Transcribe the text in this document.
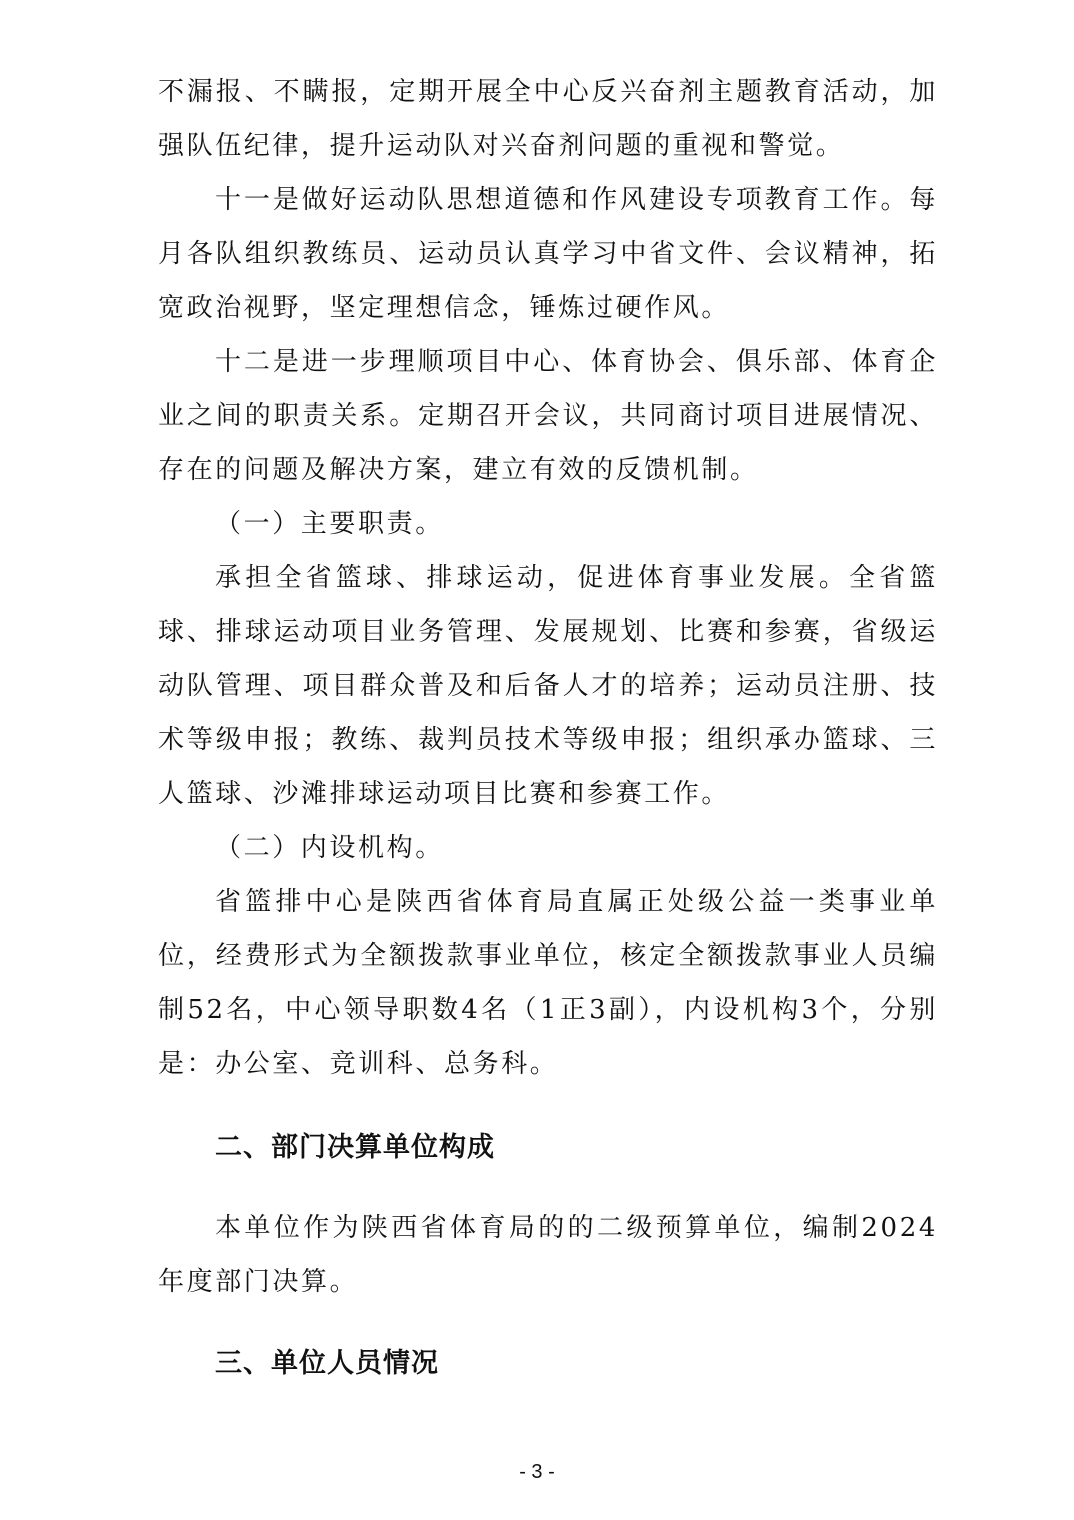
不漏报、不瞒报，定期开展全中心反兴奋剂主题教育活动，加强队伍纪律，提升运动队对兴奋剂问题的重视和警觉。

十一是做好运动队思想道德和作风建设专项教育工作。每月各队组织教练员、运动员认真学习中省文件、会议精神，拓宽政治视野，坚定理想信念，锤炼过硬作风。

十二是进一步理顺项目中心、体育协会、俱乐部、体育企业之间的职责关系。定期召开会议，共同商讨项目进展情况、存在的问题及解决方案，建立有效的反馈机制。

（一）主要职责。

承担全省篮球、排球运动，促进体育事业发展。全省篮球、排球运动项目业务管理、发展规划、比赛和参赛，省级运动队管理、项目群众普及和后备人才的培养；运动员注册、技术等级申报；教练、裁判员技术等级申报；组织承办篮球、三人篮球、沙滩排球运动项目比赛和参赛工作。

（二）内设机构。

省篮排中心是陕西省体育局直属正处级公益一类事业单位，经费形式为全额拨款事业单位，核定全额拨款事业人员编制52名，中心领导职数4名（1正3副），内设机构3个，分别是：办公室、竞训科、总务科。

二、部门决算单位构成

本单位作为陕西省体育局的的二级预算单位，编制2024年度部门决算。

三、单位人员情况
- 3 -
